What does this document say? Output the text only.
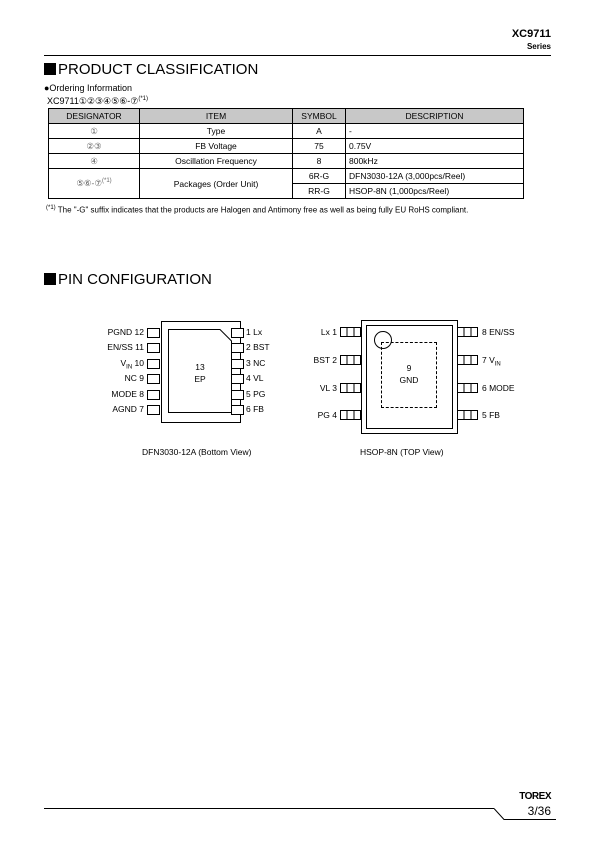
XC9711
Series
PRODUCT CLASSIFICATION
●Ordering Information
XC9711①②③④⑤⑥-⑦$^{(*1)}$
DESIGNATOR	ITEM	SYMBOL	DESCRIPTION
①	Type	A	-
②③	FB Voltage	75	0.75V
④	Oscillation Frequency	8	800kHz
⑤⑥-⑦$^{(*1)}$	Packages (Order Unit)	6R-G	DFN3030-12A (3,000pcs/Reel)
		RR-G	HSOP-8N (1,000pcs/Reel)
$^{(*1)}$ The "-G" suffix indicates that the products are Halogen and Antimony free as well as being fully EU RoHS compliant.
PIN CONFIGURATION
13
EP
PGND 12
EN/SS 11
$V_{IN}$ 10
NC 9
MODE 8
AGND 7
1 Lx
2 BST
3 NC
4 VL
5 PG
6 FB
DFN3030-12A (Bottom View)
9
GND
Lx 1
BST 2
VL 3
PG 4
8 EN/SS
7 $V_{IN}$
6 MODE
5 FB
HSOP-8N (TOP View)
TOREX
3/36
